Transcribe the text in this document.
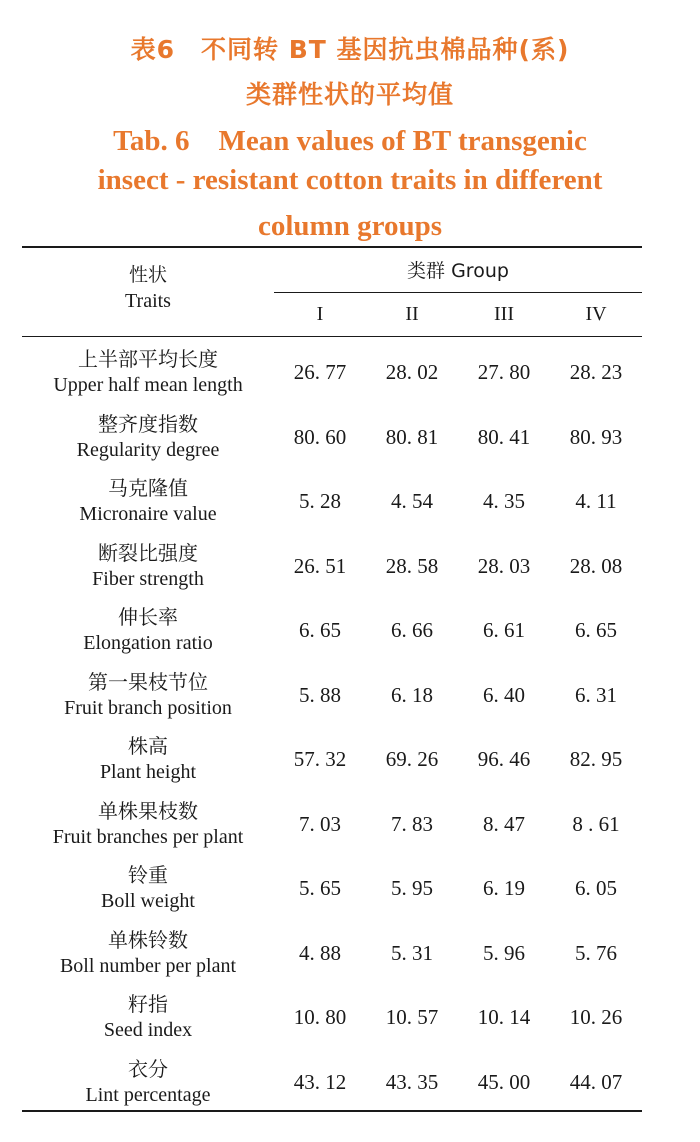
表6　不同转 BT 基因抗虫棉品种(系)
类群性状的平均值
Tab. 6　Mean values of BT transgenic
insect - resistant cotton traits in different
column groups
性状
Traits
类群 Group
I	II	III	IV
上半部平均长度
Upper half mean length
26. 77	28. 02	27. 80	28. 23
整齐度指数
Regularity degree
80. 60	80. 81	80. 41	80. 93
马克隆值
Micronaire value
5. 28	4. 54	4. 35	4. 11
断裂比强度
Fiber strength
26. 51	28. 58	28. 03	28. 08
伸长率
Elongation ratio
6. 65	6. 66	6. 61	6. 65
第一果枝节位
Fruit branch position
5. 88	6. 18	6. 40	6. 31
株高
Plant height
57. 32	69. 26	96. 46	82. 95
单株果枝数
Fruit branches per plant
7. 03	7. 83	8. 47	8 . 61
铃重
Boll weight
5. 65	5. 95	6. 19	6. 05
单株铃数
Boll number per plant
4. 88	5. 31	5. 96	5. 76
籽指
Seed index
10. 80	10. 57	10. 14	10. 26
衣分
Lint percentage
43. 12	43. 35	45. 00	44. 07
